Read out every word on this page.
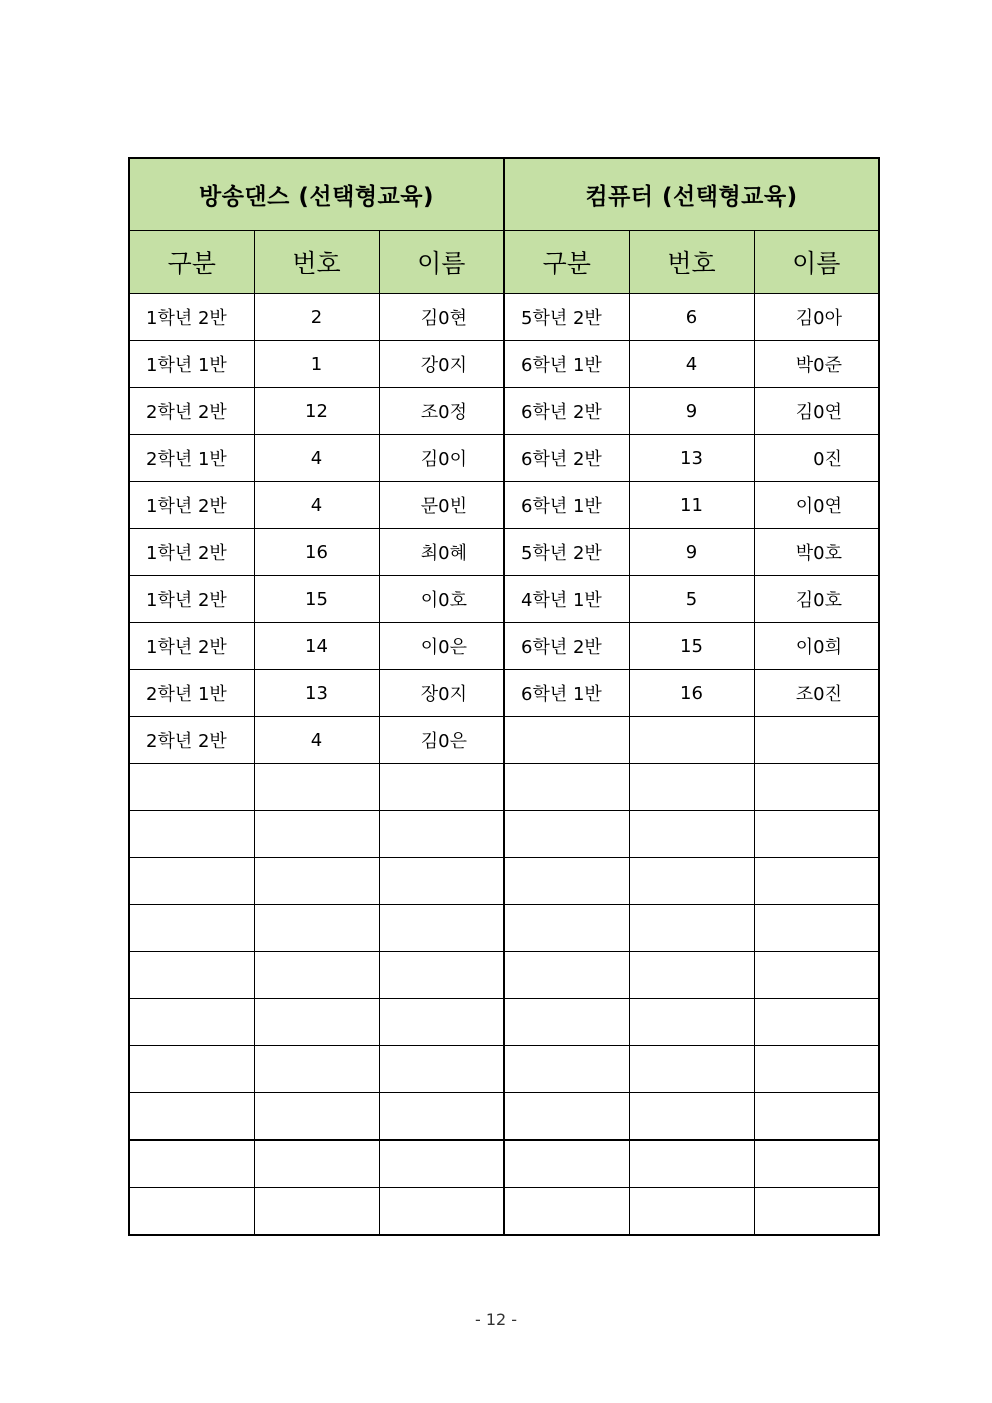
방송댄스 (선택형교육)			컴퓨터 (선택형교육)		
구분	번호	이름	구분	번호	이름
1학년 2반	2	김0현	5학년 2반	6	김0아
1학년 1반	1	강0지	6학년 1반	4	박0준
2학년 2반	12	조0정	6학년 2반	9	김0연
2학년 1반	4	김0이	6학년 2반	13	0진
1학년 2반	4	문0빈	6학년 1반	11	이0연
1학년 2반	16	최0혜	5학년 2반	9	박0호
1학년 2반	15	이0호	4학년 1반	5	김0호
1학년 2반	14	이0은	6학년 2반	15	이0희
2학년 1반	13	장0지	6학년 1반	16	조0진
2학년 2반	4	김0은			

- 12 -
